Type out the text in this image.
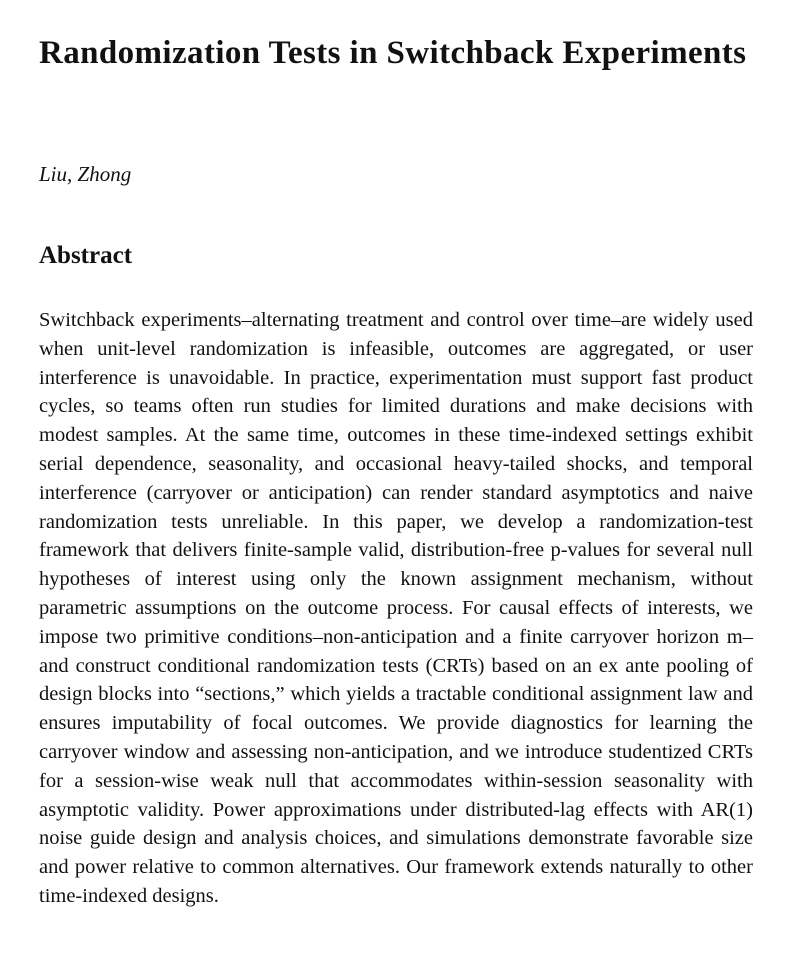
Randomization Tests in Switchback Experiments

Liu, Zhong

Abstract

Switchback experiments–alternating treatment and control over time–are widely used when unit-level randomization is infeasible, outcomes are aggregated, or user interference is unavoidable. In practice, experimentation must support fast product cycles, so teams often run studies for limited durations and make decisions with modest samples. At the same time, outcomes in these time-indexed settings exhibit serial dependence, seasonality, and occasional heavy-tailed shocks, and temporal interference (carryover or anticipation) can render standard asymptotics and naive randomization tests unreliable. In this paper, we develop a randomization-test framework that delivers finite-sample valid, distribution-free p-values for several null hypotheses of interest using only the known assignment mechanism, without parametric assumptions on the outcome process. For causal effects of interests, we impose two primitive conditions–non-anticipation and a finite carryover horizon m–and construct conditional randomization tests (CRTs) based on an ex ante pooling of design blocks into “sections,” which yields a tractable conditional assignment law and ensures imputability of focal outcomes. We provide diagnostics for learning the carryover window and assessing non-anticipation, and we introduce studentized CRTs for a session-wise weak null that accommodates within-session seasonality with asymptotic validity. Power approximations under distributed-lag effects with AR(1) noise guide design and analysis choices, and simulations demonstrate favorable size and power relative to common alternatives. Our framework extends naturally to other time-indexed designs.
